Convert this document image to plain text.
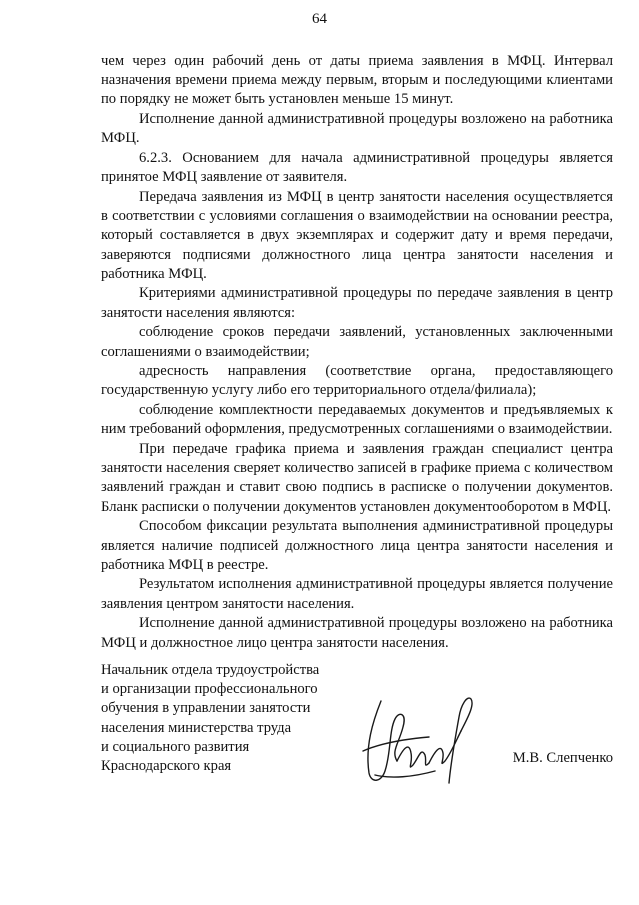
64

чем через один рабочий день от даты приема заявления в МФЦ. Интервал назначения времени приема между первым, вторым и последующими клиентами по порядку не может быть установлен меньше 15 минут.

Исполнение данной административной процедуры возложено на работника МФЦ.

6.2.3. Основанием для начала административной процедуры является принятое МФЦ заявление от заявителя.

Передача заявления из МФЦ в центр занятости населения осуществляется в соответствии с условиями соглашения о взаимодействии на основании реестра, который составляется в двух экземплярах и содержит дату и время передачи, заверяются подписями должностного лица центра занятости населения и работника МФЦ.

Критериями административной процедуры по передаче заявления в центр занятости населения являются:

соблюдение сроков передачи заявлений, установленных заключенными соглашениями о взаимодействии;

адресность направления (соответствие органа, предоставляющего государственную услугу либо его территориального отдела/филиала);

соблюдение комплектности передаваемых документов и предъявляемых к ним требований оформления, предусмотренных соглашениями о взаимодействии.

При передаче графика приема и заявления граждан специалист центра занятости населения сверяет количество записей в графике приема с количеством заявлений граждан и ставит свою подпись в расписке о получении документов. Бланк расписки о получении документов установлен документооборотом в МФЦ.

Способом фиксации результата выполнения административной процедуры является наличие подписей должностного лица центра занятости населения и работника МФЦ в реестре.

Результатом исполнения административной процедуры является получение заявления центром занятости населения.

Исполнение данной административной процедуры возложено на работника МФЦ и должностное лицо центра занятости населения.

Начальник отдела трудоустройства
и организации профессионального
обучения в управлении занятости
населения министерства труда
и социального развития
Краснодарского края
М.В. Слепченко
